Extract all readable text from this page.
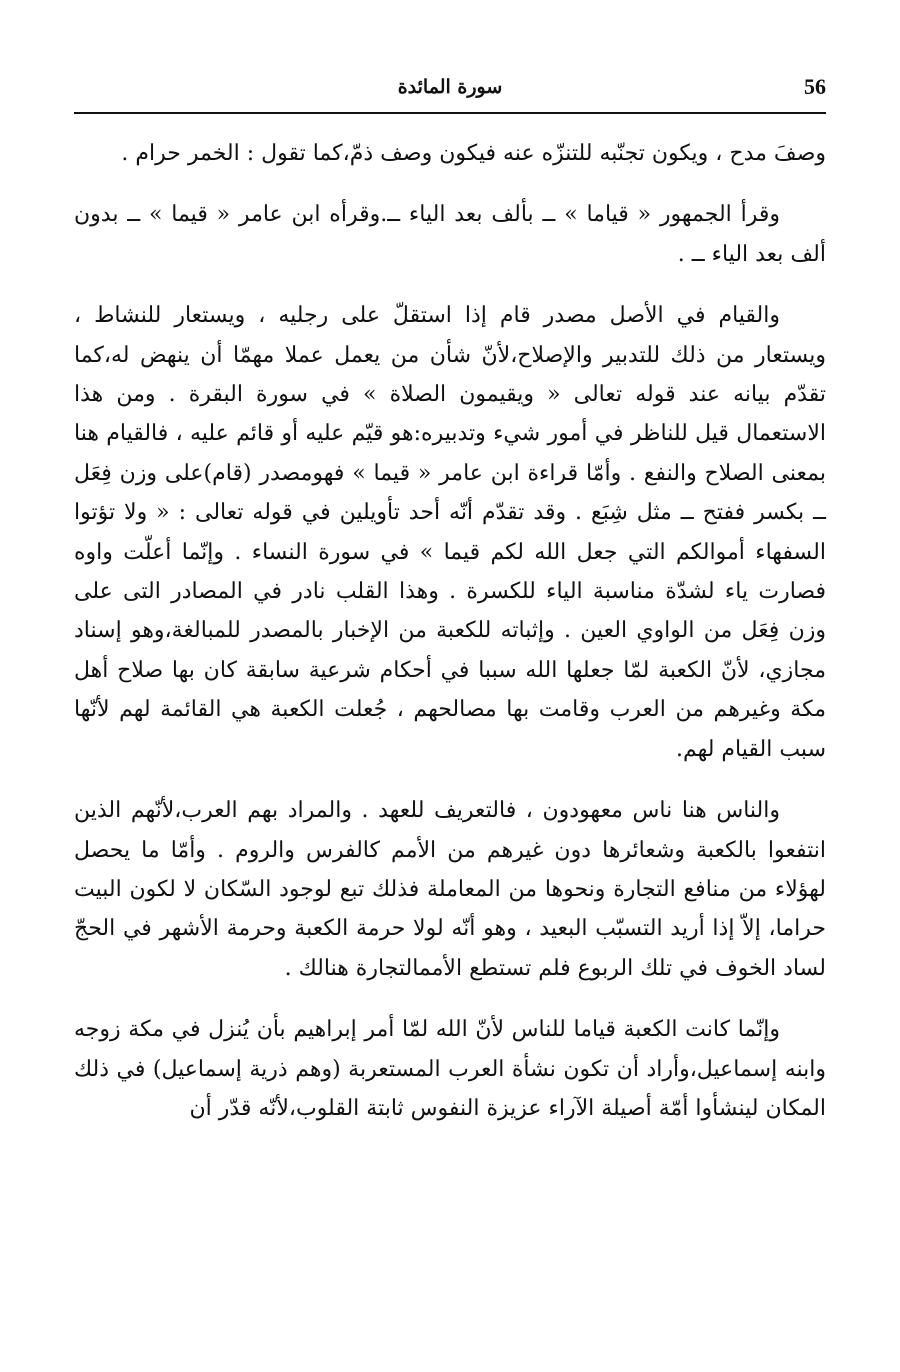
56
سورة المائدة

وصفَ مدح ، ويكون تجنّبه للتنزّه عنه فيكون وصف ذمّ،كما تقول : الخمر حرام .

وقرأ الجمهور « قياما » ــ بألف بعد الياء ــ.وقرأه ابن عامر « قيما » ــ بدون ألف بعد الياء ــ .

والقيام في الأصل مصدر قام إذا استقلّ على رجليه ، ويستعار للنشاط ، ويستعار من ذلك للتدبير والإصلاح،لأنّ شأن من يعمل عملا مهمّا أن ينهض له،كما تقدّم بيانه عند قوله تعالى « ويقيمون الصلاة » في سورة البقرة . ومن هذا الاستعمال قيل للناظر في أمور شيء وتدبيره:هو قيّم عليه أو قائم عليه ، فالقيام هنا بمعنى الصلاح والنفع . وأمّا قراءة ابن عامر « قيما » فهومصدر (قام)على وزن فِعَل ــ بكسر ففتح ــ مثل شِبَع . وقد تقدّم أنّه أحد تأويلين في قوله تعالى : « ولا تؤتوا السفهاء أموالكم التي جعل الله لكم قيما » في سورة النساء . وإنّما أعلّت واوه فصارت ياء لشدّة مناسبة الياء للكسرة . وهذا القلب نادر في المصادر التى على وزن فِعَل من الواوي العين . وإثباته للكعبة من الإخبار بالمصدر للمبالغة،وهو إسناد مجازي، لأنّ الكعبة لمّا جعلها الله سببا في أحكام شرعية سابقة كان بها صلاح أهل مكة وغيرهم من العرب وقامت بها مصالحهم ، جُعلت الكعبة هي القائمة لهم لأنّها سبب القيام لهم.

والناس هنا ناس معهودون ، فالتعريف للعهد . والمراد بهم العرب،لأنّهم الذين انتفعوا بالكعبة وشعائرها دون غيرهم من الأمم كالفرس والروم . وأمّا ما يحصل لهؤلاء من منافع التجارة ونحوها من المعاملة فذلك تبع لوجود السّكان لا لكون البيت حراما، إلاّ إذا أريد التسبّب البعيد ، وهو أنّه لولا حرمة الكعبة وحرمة الأشهر في الحجّ لساد الخوف في تلك الربوع فلم تستطع الأممالتجارة هنالك .

وإنّما كانت الكعبة قياما للناس لأنّ الله لمّا أمر إبراهيم بأن يُنزل في مكة زوجه وابنه إسماعيل،وأراد أن تكون نشأة العرب المستعربة (وهم ذرية إسماعيل) في ذلك المكان لينشأوا أمّة أصيلة الآراء عزيزة النفوس ثابتة القلوب،لأنّه قدّر أن
